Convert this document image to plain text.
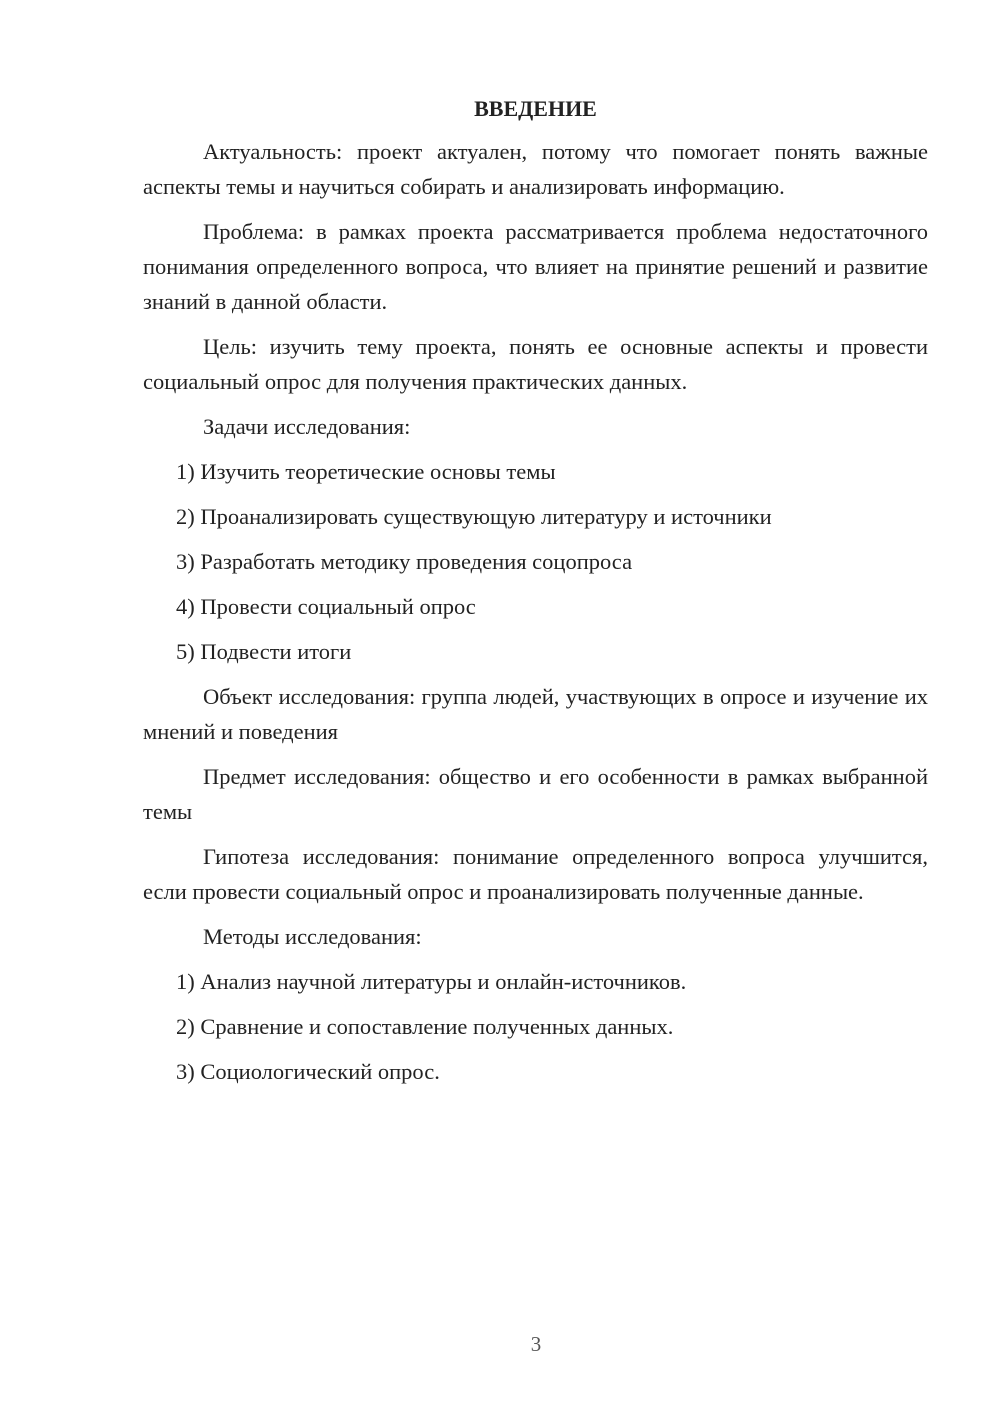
ВВЕДЕНИЕ

Актуальность: проект актуален, потому что помогает понять важные аспекты темы и научиться собирать и анализировать информацию.

Проблема: в рамках проекта рассматривается проблема недостаточного понимания определенного вопроса, что влияет на принятие решений и развитие знаний в данной области.

Цель: изучить тему проекта, понять ее основные аспекты и провести социальный опрос для получения практических данных.

Задачи исследования:

1) Изучить теоретические основы темы
2) Проанализировать существующую литературу и источники
3) Разработать методику проведения соцопроса
4) Провести социальный опрос
5) Подвести итоги

Объект исследования: группа людей, участвующих в опросе и изучение их мнений и поведения

Предмет исследования: общество и его особенности в рамках выбранной темы

Гипотеза исследования: понимание определенного вопроса улучшится, если провести социальный опрос и проанализировать полученные данные.

Методы исследования:

1) Анализ научной литературы и онлайн-источников.
2) Сравнение и сопоставление полученных данных.
3) Социологический опрос.
3
